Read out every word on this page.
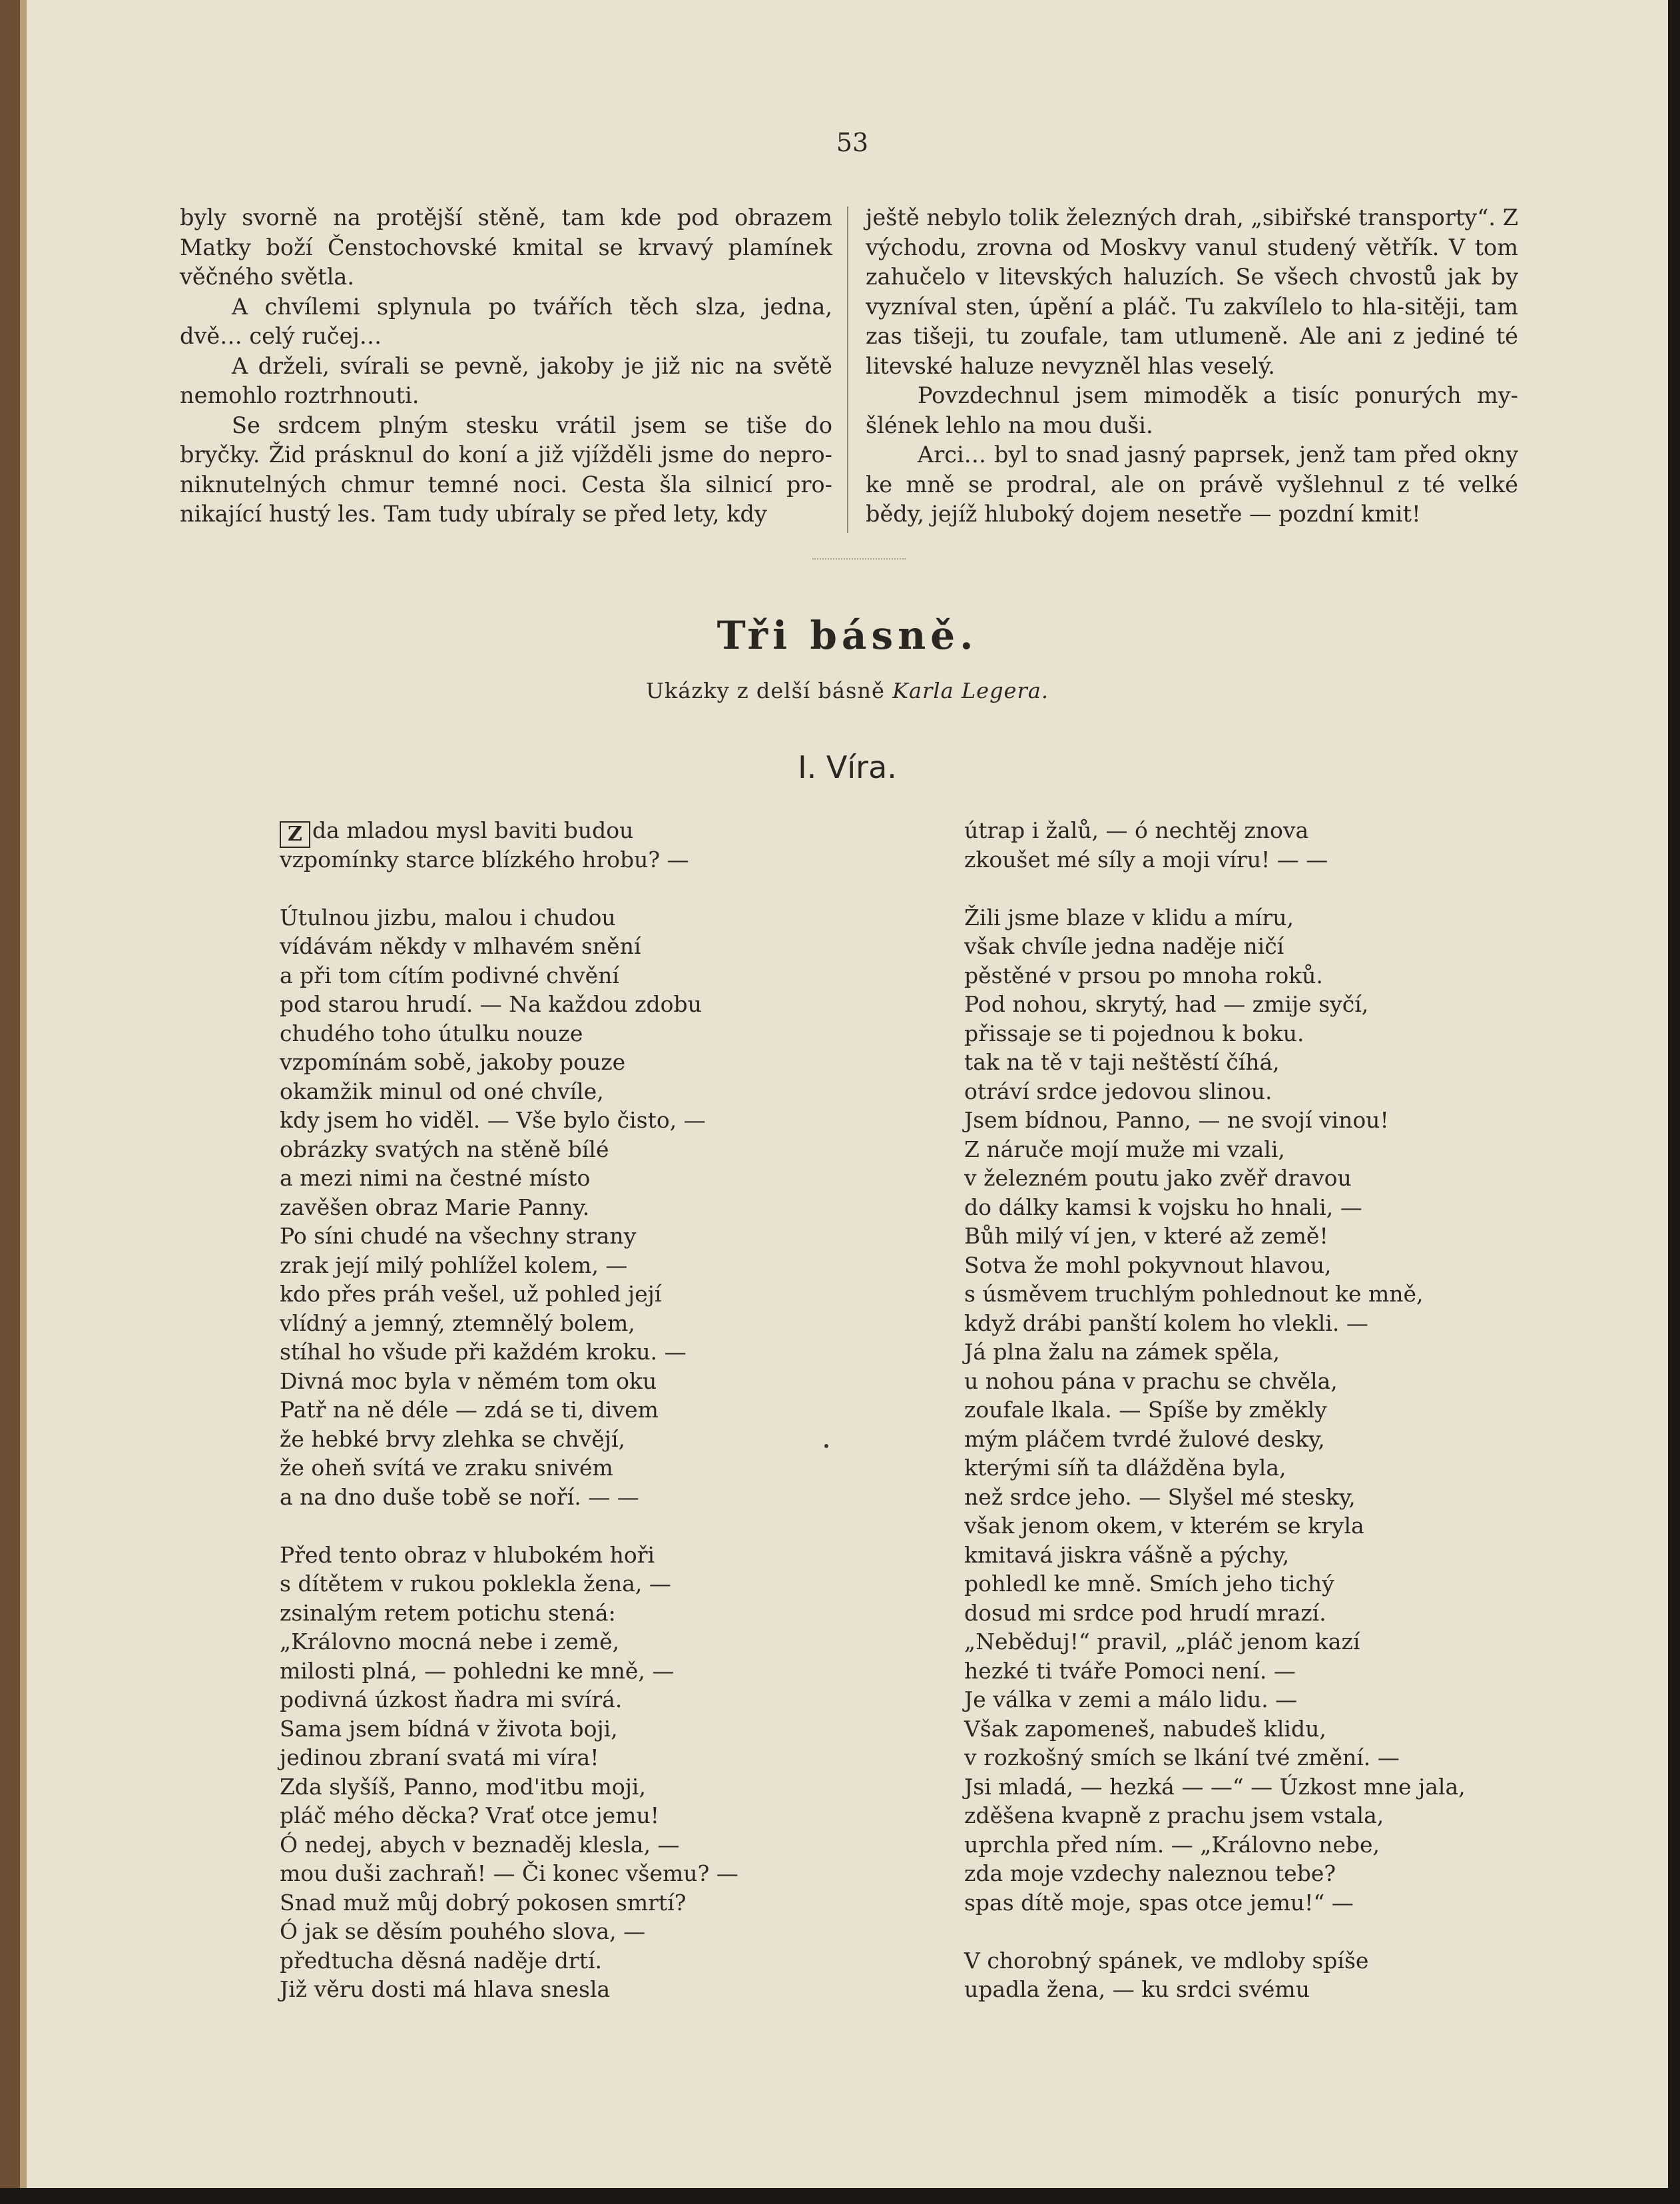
53

byly svorně na protější stěně, tam kde pod obrazem Matky boží Čenstochovské kmital se krvavý plamínek věčného světla.

A chvílemi splynula po tvářích těch slza, jedna, dvě… celý ručej…

A drželi, svírali se pevně, jakoby je již nic na světě nemohlo roztrhnouti.

Se srdcem plným stesku vrátil jsem se tiše do bryčky. Žid prásknul do koní a již vjížděli jsme do nepro-niknutelných chmur temné noci. Cesta šla silnicí pro-nikající hustý les. Tam tudy ubíraly se před lety, kdy

ještě nebylo tolik železných drah, „sibiřské transporty“. Z východu, zrovna od Moskvy vanul studený větřík. V tom zahučelo v litevských haluzích. Se všech chvostů jak by vyzníval sten, úpění a pláč. Tu zakvílelo to hla-sitěji, tam zas tišeji, tu zoufale, tam utlumeně. Ale ani z jediné té litevské haluze nevyzněl hlas veselý.

Povzdechnul jsem mimoděk a tisíc ponurých my-šlének lehlo na mou duši.

Arci… byl to snad jasný paprsek, jenž tam před okny ke mně se prodral, ale on právě vyšlehnul z té velké bědy, jejíž hluboký dojem nesetře — pozdní kmit!

Tři básně.
Ukázky z delší básně Karla Legera.
I. Víra.
Z da mladou mysl baviti budou
vzpomínky starce blízkého hrobu? —
Útulnou jizbu, malou i chudou
vídávám někdy v mlhavém snění
a při tom cítím podivné chvění
pod starou hrudí. — Na každou zdobu
chudého toho útulku nouze
vzpomínám sobě, jakoby pouze
okamžik minul od oné chvíle,
kdy jsem ho viděl. — Vše bylo čisto, —
obrázky svatých na stěně bílé
a mezi nimi na čestné místo
zavěšen obraz Marie Panny.
Po síni chudé na všechny strany
zrak její milý pohlížel kolem, —
kdo přes práh vešel, už pohled její
vlídný a jemný, ztemnělý bolem,
stíhal ho všude při každém kroku. —
Divná moc byla v němém tom oku
Patř na ně déle — zdá se ti, divem
že hebké brvy zlehka se chvějí,
že oheň svítá ve zraku snivém
a na dno duše tobě se noří. — —
Před tento obraz v hlubokém hoři
s dítětem v rukou poklekla žena, —
zsinalým retem potichu stená:
„Královno mocná nebe i země,
milosti plná, — pohledni ke mně, —
podivná úzkost ňadra mi svírá.
Sama jsem bídná v života boji,
jedinou zbraní svatá mi víra!
Zda slyšíš, Panno, mod'itbu moji,
pláč mého děcka? Vrať otce jemu!
Ó nedej, abych v beznaděj klesla, —
mou duši zachraň! — Či konec všemu? —
Snad muž můj dobrý pokosen smrtí?
Ó jak se děsím pouhého slova, —
předtucha děsná naděje drtí.
Již věru dosti má hlava snesla
útrap i žalů, — ó nechtěj znova
zkoušet mé síly a moji víru! — —
Žili jsme blaze v klidu a míru,
však chvíle jedna naděje ničí
pěstěné v prsou po mnoha roků.
Pod nohou, skrytý, had — zmije syčí,
přissaje se ti pojednou k boku.
tak na tě v taji neštěstí číhá,
otráví srdce jedovou slinou.
Jsem bídnou, Panno, — ne svojí vinou!
Z náruče mojí muže mi vzali,
v železném poutu jako zvěř dravou
do dálky kamsi k vojsku ho hnali, —
Bůh milý ví jen, v které až země!
Sotva že mohl pokyvnout hlavou,
s úsměvem truchlým pohlednout ke mně,
když drábi panští kolem ho vlekli. —
Já plna žalu na zámek spěla,
u nohou pána v prachu se chvěla,
zoufale lkala. — Spíše by změkly
mým pláčem tvrdé žulové desky,
kterými síň ta dlážděna byla,
než srdce jeho. — Slyšel mé stesky,
však jenom okem, v kterém se kryla
kmitavá jiskra vášně a pýchy,
pohledl ke mně. Smích jeho tichý
dosud mi srdce pod hrudí mrazí.
„Neběduj!“ pravil, „pláč jenom kazí
hezké ti tváře Pomoci není. —
Je válka v zemi a málo lidu. —
Však zapomeneš, nabudeš klidu,
v rozkošný smích se lkání tvé změní. —
Jsi mladá, — hezká — —“ — Úzkost mne jala,
zděšena kvapně z prachu jsem vstala,
uprchla před ním. — „Královno nebe,
zda moje vzdechy naleznou tebe?
spas dítě moje, spas otce jemu!“ —
V chorobný spánek, ve mdloby spíše
upadla žena, — ku srdci svému
